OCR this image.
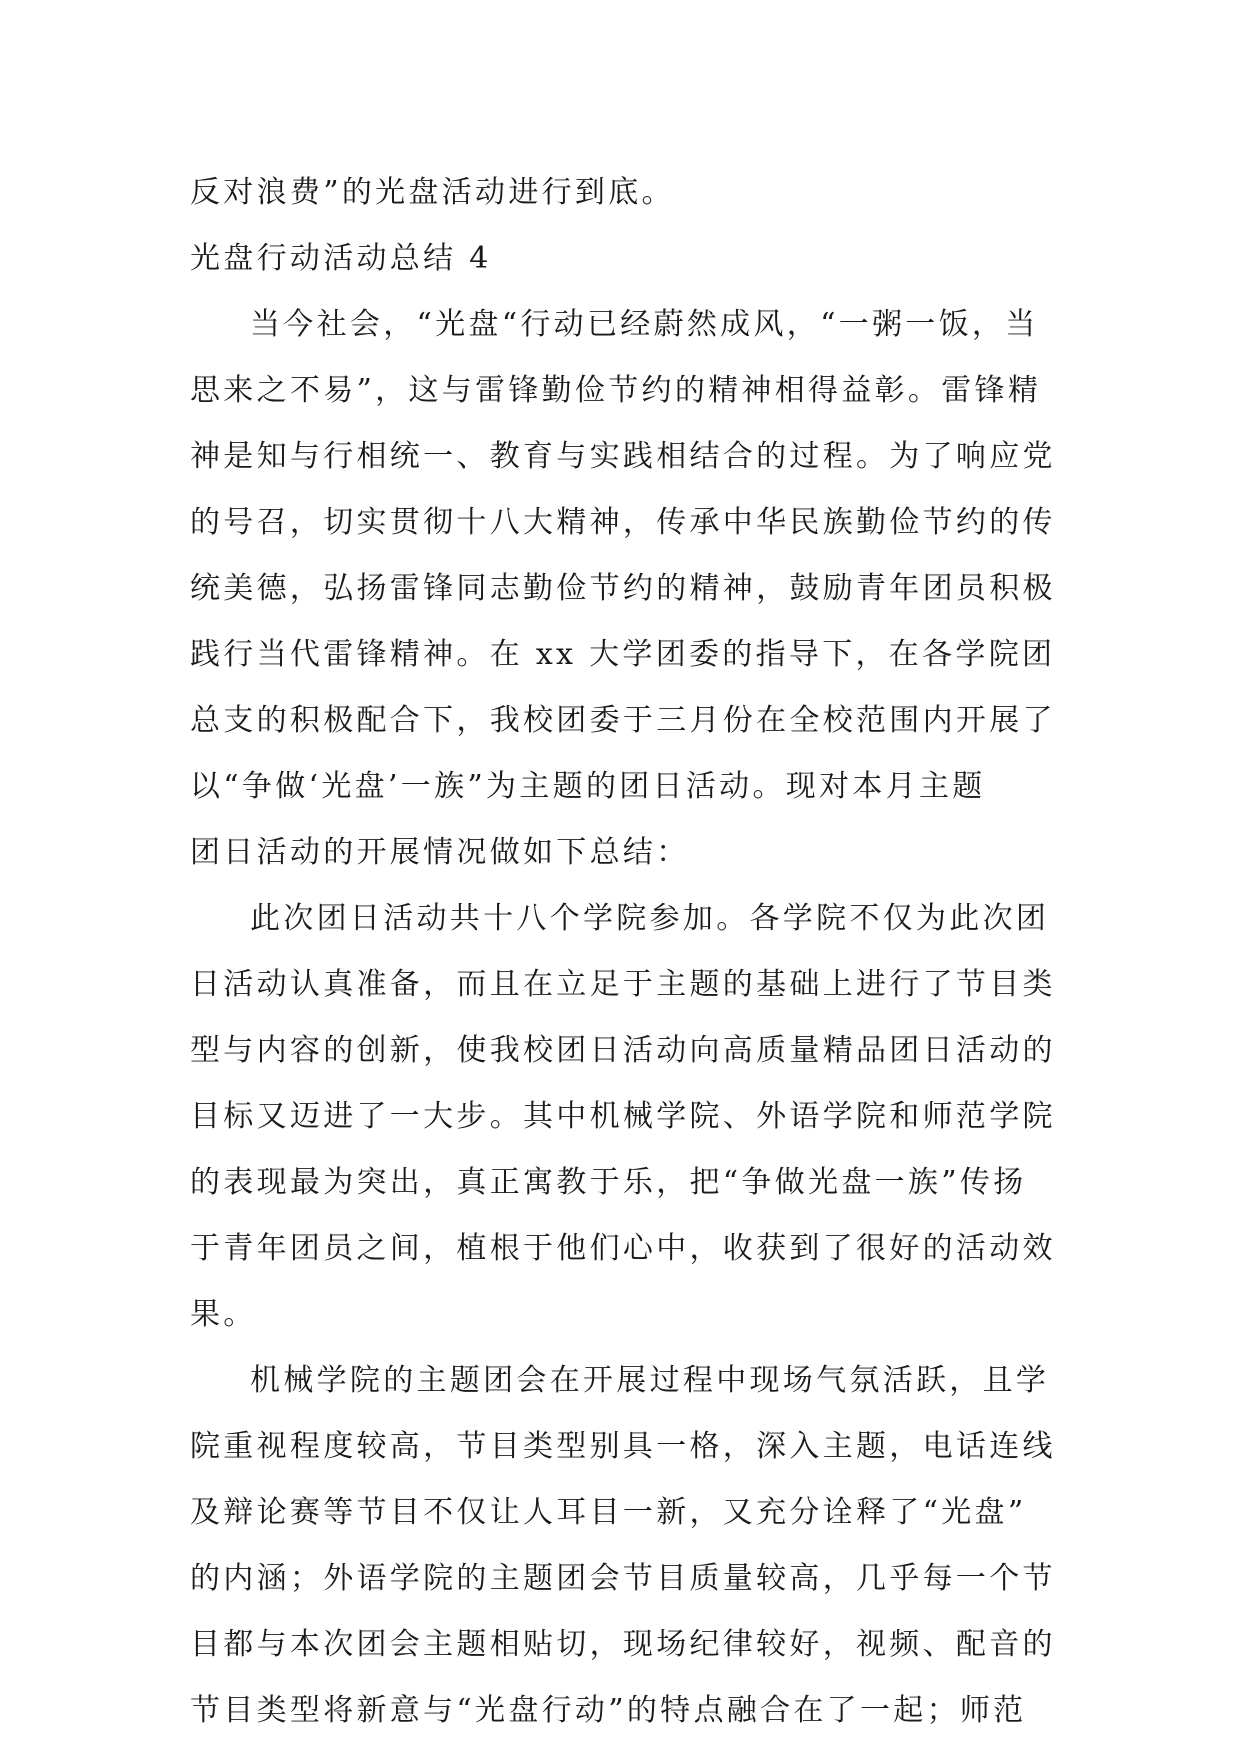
反对浪费”的光盘活动进行到底。
光盘行动活动总结 4
当今社会，“光盘“行动已经蔚然成风，“一粥一饭，当
思来之不易”，这与雷锋勤俭节约的精神相得益彰。雷锋精
神是知与行相统一、教育与实践相结合的过程。为了响应党
的号召，切实贯彻十八大精神，传承中华民族勤俭节约的传
统美德，弘扬雷锋同志勤俭节约的精神，鼓励青年团员积极
践行当代雷锋精神。在 xx 大学团委的指导下，在各学院团
总支的积极配合下，我校团委于三月份在全校范围内开展了
以“争做‘光盘’一族”为主题的团日活动。现对本月主题
团日活动的开展情况做如下总结：
此次团日活动共十八个学院参加。各学院不仅为此次团
日活动认真准备，而且在立足于主题的基础上进行了节目类
型与内容的创新，使我校团日活动向高质量精品团日活动的
目标又迈进了一大步。其中机械学院、外语学院和师范学院
的表现最为突出，真正寓教于乐，把“争做光盘一族”传扬
于青年团员之间，植根于他们心中，收获到了很好的活动效
果。
机械学院的主题团会在开展过程中现场气氛活跃，且学
院重视程度较高，节目类型别具一格，深入主题，电话连线
及辩论赛等节目不仅让人耳目一新，又充分诠释了“光盘”
的内涵；外语学院的主题团会节目质量较高，几乎每一个节
目都与本次团会主题相贴切，现场纪律较好，视频、配音的
节目类型将新意与“光盘行动”的特点融合在了一起；师范
